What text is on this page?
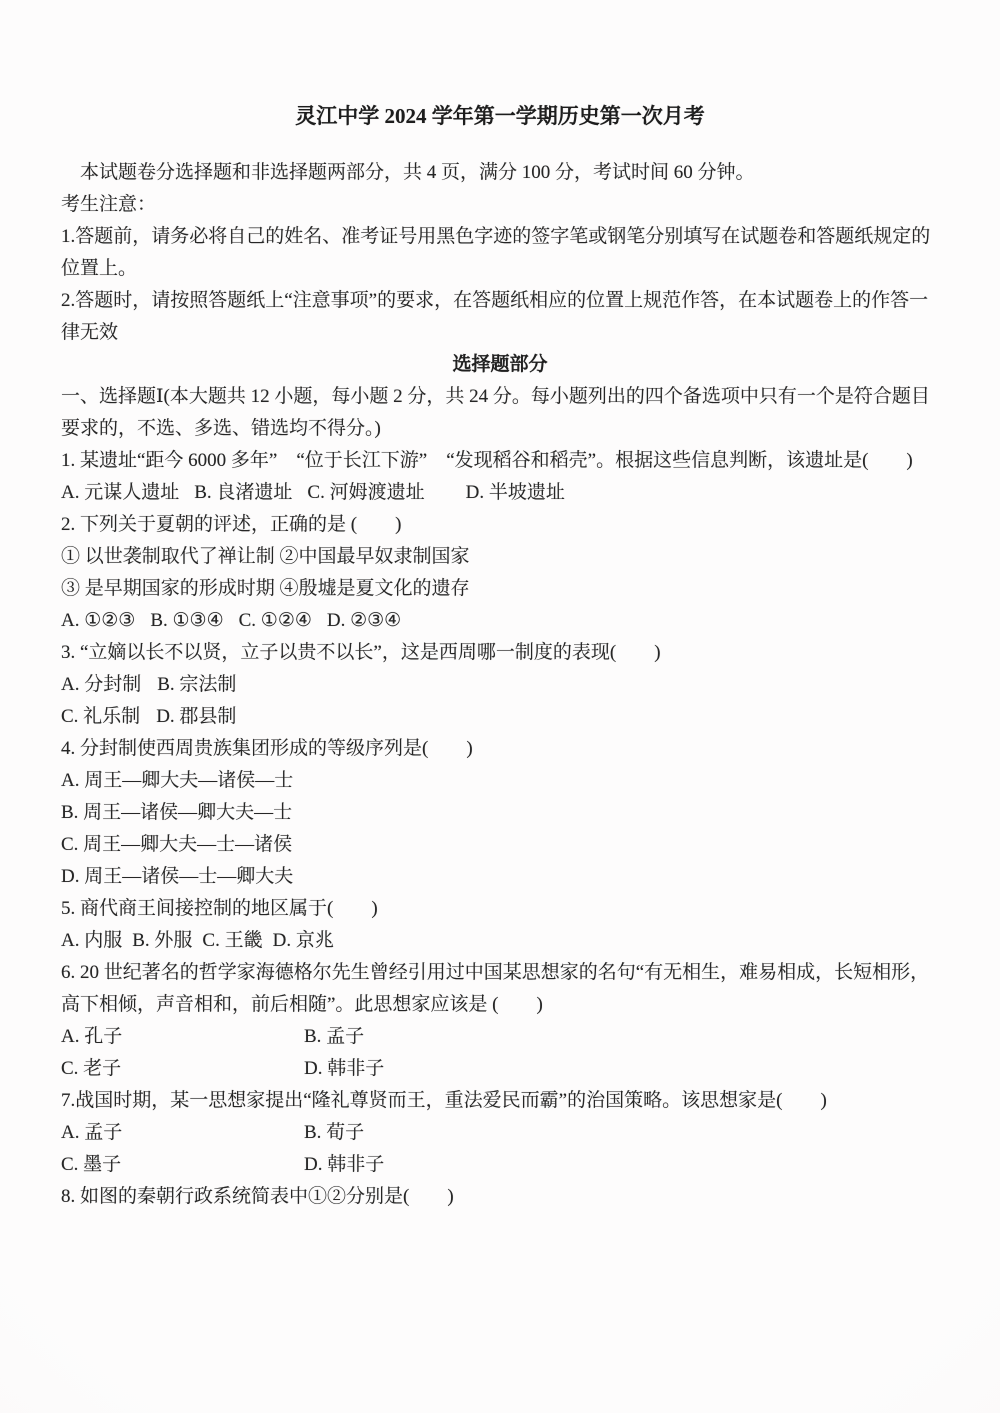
灵江中学 2024 学年第一学期历史第一次月考

本试题卷分选择题和非选择题两部分，共 4 页，满分 100 分，考试时间 60 分钟。

考生注意：

1.答题前，请务必将自己的姓名、准考证号用黑色字迹的签字笔或钢笔分别填写在试题卷和答题纸规定的位置上。

2.答题时，请按照答题纸上“注意事项”的要求，在答题纸相应的位置上规范作答，在本试题卷上的作答一律无效

选择题部分

一、选择题Ⅰ(本大题共 12 小题，每小题 2 分，共 24 分。每小题列出的四个备选项中只有一个是符合题目要求的，不选、多选、错选均不得分。)

1. 某遗址“距今 6000 多年”　“位于长江下游”　“发现稻谷和稻壳”。根据这些信息判断，该遗址是(　　)

A. 元谋人遗址 B. 良渚遗址 C. 河姆渡遗址 D. 半坡遗址

2. 下列关于夏朝的评述，正确的是 (　　)

① 以世袭制取代了禅让制 ②中国最早奴隶制国家

③ 是早期国家的形成时期 ④殷墟是夏文化的遗存

A. ①②③ B. ①③④ C. ①②④ D. ②③④

3. “立嫡以长不以贤，立子以贵不以长”，这是西周哪一制度的表现(　　)

A. 分封制 B. 宗法制

C. 礼乐制 D. 郡县制

4. 分封制使西周贵族集团形成的等级序列是(　　)

A. 周王—卿大夫—诸侯—士

B. 周王—诸侯—卿大夫—士

C. 周王—卿大夫—士—诸侯

D. 周王—诸侯—士—卿大夫

5. 商代商王间接控制的地区属于(　　)

A. 内服 B. 外服 C. 王畿 D. 京兆

6. 20 世纪著名的哲学家海德格尔先生曾经引用过中国某思想家的名句“有无相生，难易相成，长短相形，高下相倾，声音相和，前后相随”。此思想家应该是 (　　)

A. 孔子	B. 孟子
C. 老子	D. 韩非子

7.战国时期，某一思想家提出“隆礼尊贤而王，重法爱民而霸”的治国策略。该思想家是(　　)

A. 孟子	B. 荀子
C. 墨子	D. 韩非子

8. 如图的秦朝行政系统简表中①②分别是(　　)
